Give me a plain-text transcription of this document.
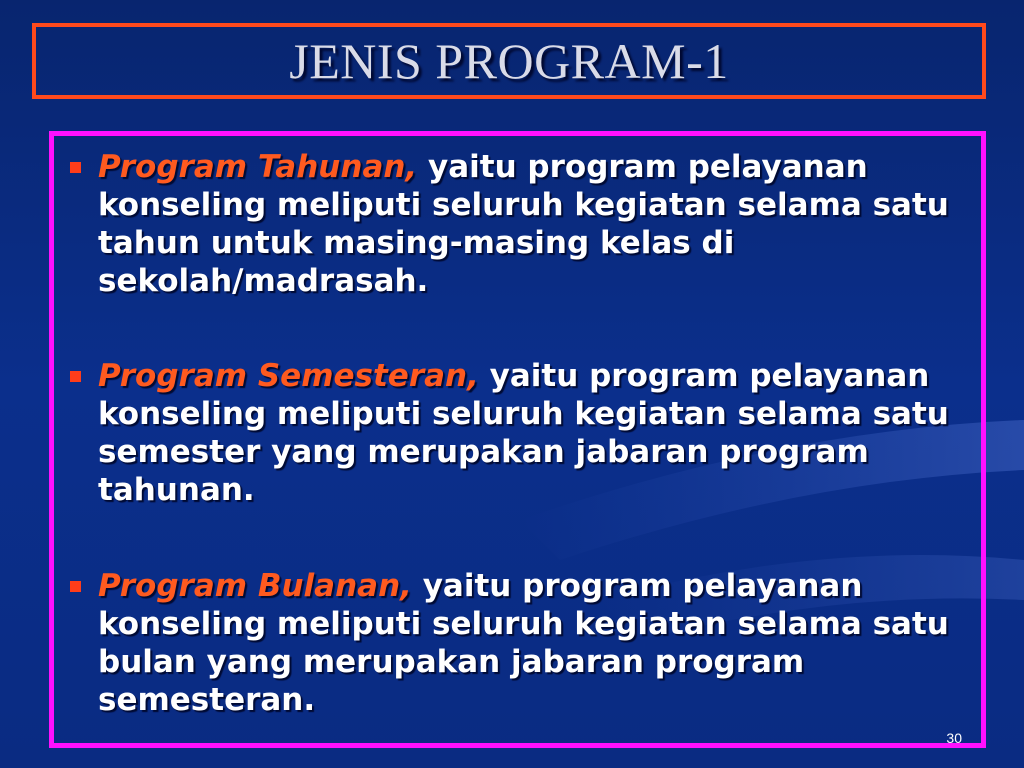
JENIS PROGRAM-1
Program Tahunan, yaitu program pelayanan konseling meliputi seluruh kegiatan selama satu tahun untuk masing-masing kelas di sekolah/madrasah.
Program Semesteran, yaitu program pelayanan konseling meliputi seluruh kegiatan selama satu semester yang merupakan jabaran program tahunan.
Program Bulanan, yaitu program pelayanan konseling meliputi seluruh kegiatan selama satu bulan yang merupakan jabaran program semesteran.
30
